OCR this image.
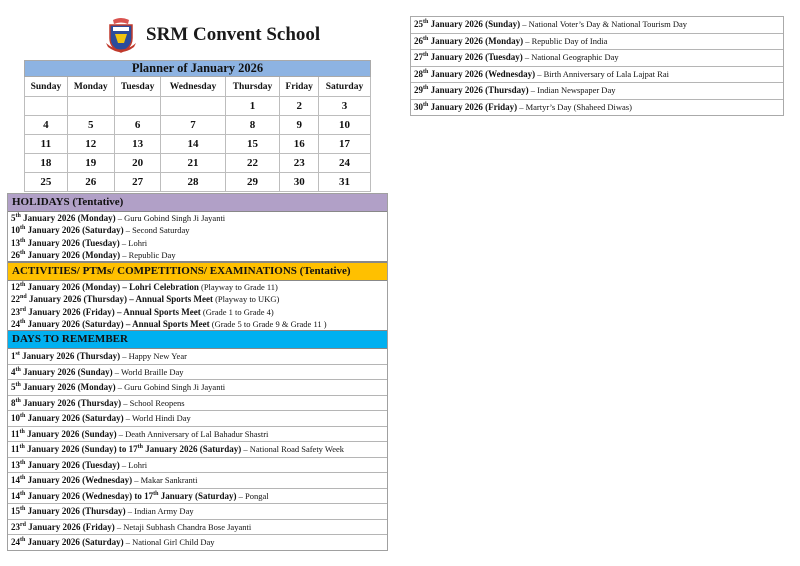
SRM Convent School
Planner of January 2026						
Sunday	Monday	Tuesday	Wednesday	Thursday	Friday	Saturday
				1	2	3
4	5	6	7	8	9	10
11	12	13	14	15	16	17
18	19	20	21	22	23	24
25	26	27	28	29	30	31
HOLIDAYS (Tentative)
5th January 2026 (Monday) – Guru Gobind Singh Ji Jayanti
10th January 2026 (Saturday) – Second Saturday
13th January 2026 (Tuesday) – Lohri
26th January 2026 (Monday) – Republic Day
ACTIVITIES/ PTMs/ COMPETITIONS/ EXAMINATIONS (Tentative)
12th January 2026 (Monday) – Lohri Celebration (Playway to Grade 11)
22nd January 2026 (Thursday) – Annual Sports Meet (Playway to UKG)
23rd January 2026 (Friday) – Annual Sports Meet (Grade 1 to Grade 4)
24th January 2026 (Saturday) – Annual Sports Meet (Grade 5 to Grade 9 & Grade 11 )
DAYS TO REMEMBER
1st January 2026 (Thursday) – Happy New Year
4th January 2026 (Sunday) – World Braille Day
5th January 2026 (Monday) – Guru Gobind Singh Ji Jayanti
8th January 2026 (Thursday) – School Reopens
10th January 2026 (Saturday) – World Hindi Day
11th January 2026 (Sunday) – Death Anniversary of Lal Bahadur Shastri
11th January 2026 (Sunday) to 17th January 2026 (Saturday) – National Road Safety Week
13th January 2026 (Tuesday) – Lohri
14th January 2026 (Wednesday) – Makar Sankranti
14th January 2026 (Wednesday) to 17th January (Saturday) – Pongal
15th January 2026 (Thursday) – Indian Army Day
23rd January 2026 (Friday) – Netaji Subhash Chandra Bose Jayanti
24th January 2026 (Saturday) – National Girl Child Day
25th January 2026 (Sunday) – National Voter’s Day & National Tourism Day
26th January 2026 (Monday) – Republic Day of India
27th January 2026 (Tuesday) – National Geographic Day
28th January 2026 (Wednesday) – Birth Anniversary of Lala Lajpat Rai
29th January 2026 (Thursday) – Indian Newspaper Day
30th January 2026 (Friday) – Martyr’s Day (Shaheed Diwas)
